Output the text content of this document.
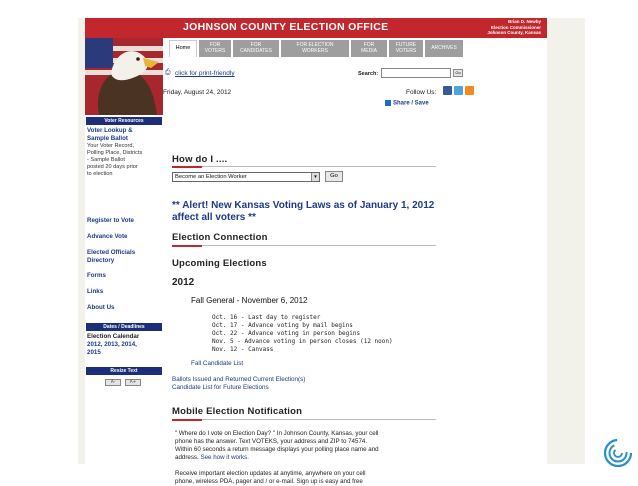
JOHNSON COUNTY ELECTION OFFICE	Brian D. Newby
Election Commissioner
Johnson County, Kansas
Home
FOR
VOTERS
FOR
CANDIDATES
FOR ELECTION
WORKERS
FOR
MEDIA
FUTURE
VOTERS	ARCHIVES
Voter Resources
Voter Lookup &
Sample Ballot
Your Voter Record,
Polling Place, Districts
- Sample Ballot
posted 20 days prior
to election
Register to Vote
Advance Vote
Elected Officials
Directory
Forms
Links
About Us
Dates / Deadlines
Election Calendar
2012, 2013, 2014,
2015
Resize Text
A-	A+
⎙ click for print-friendly	Search:	Go
Friday, August 24, 2012	Follow Us:
Share / Save
How do I ....
Become an Election Worker	▼	Go
** Alert! New Kansas Voting Laws as of January 1, 2012
affect all voters **
Election Connection
Upcoming Elections
2012
Fall General - November 6, 2012
Oct. 16 - Last day to register
Oct. 17 - Advance voting by mail begins
Oct. 22 - Advance voting in person begins
Nov. 5 - Advance voting in person closes (12 noon)
Nov. 12 - Canvass
Fall Candidate List
Ballots Issued and Returned Current Election(s)
Candidate List for Future Elections
Mobile Election Notification
" Where do I vote on Election Day? " In Johnson County, Kansas, your cell
phone has the answer. Text VOTEKS, your address and ZIP to 74574.
Within 60 seconds a return message displays your polling place name and
address. See how it works.
Receive important election updates at anytime, anywhere on your cell
phone, wireless PDA, pager and / or e-mail. Sign up is easy and free
